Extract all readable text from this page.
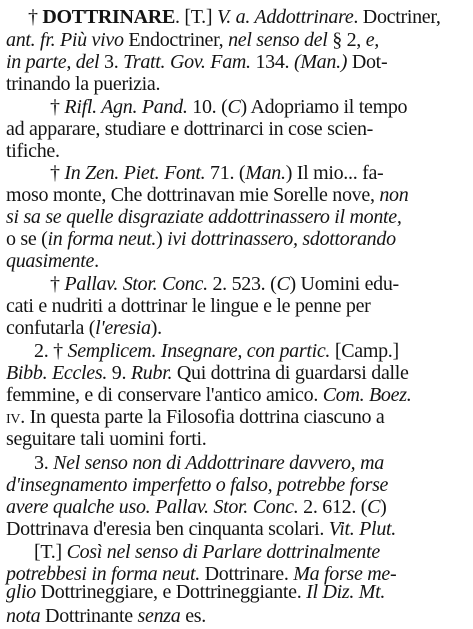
† DOTTRINARE. [T.] V. a. Addottrinare. Doctriner,
ant. fr. Più vivo Endoctriner, nel senso del § 2, e,
in parte, del 3. Tratt. Gov. Fam. 134. (Man.) Dot-
trinando la puerizia.
† Rifl. Agn. Pand. 10. (C) Adopriamo il tempo
ad apparare, studiare e dottrinarci in cose scien-
tifiche.
† In Zen. Piet. Font. 71. (Man.) Il mio... fa-
moso monte, Che dottrinavan mie Sorelle nove, non
si sa se quelle disgraziate addottrinassero il monte,
o se (in forma neut.) ivi dottrinassero, sdottorando
quasimente.
† Pallav. Stor. Conc. 2. 523. (C) Uomini edu-
cati e nudriti a dottrinar le lingue e le penne per
confutarla (l'eresia).
2. † Semplicem. Insegnare, con partic. [Camp.]
Bibb. Eccles. 9. Rubr. Qui dottrina di guardarsi dalle
femmine, e di conservare l'antico amico. Com. Boez.
iv. In questa parte la Filosofia dottrina ciascuno a
seguitare tali uomini forti.
3. Nel senso non di Addottrinare davvero, ma
d'insegnamento imperfetto o falso, potrebbe forse
avere qualche uso. Pallav. Stor. Conc. 2. 612. (C)
Dottrinava d'eresia ben cinquanta scolari. Vit. Plut.
[T.] Così nel senso di Parlare dottrinalmente
potrebbesi in forma neut. Dottrinare. Ma forse me-
glio Dottrineggiare, e Dottrineggiante. Il Diz. Mt.
nota Dottrinante senza es.
